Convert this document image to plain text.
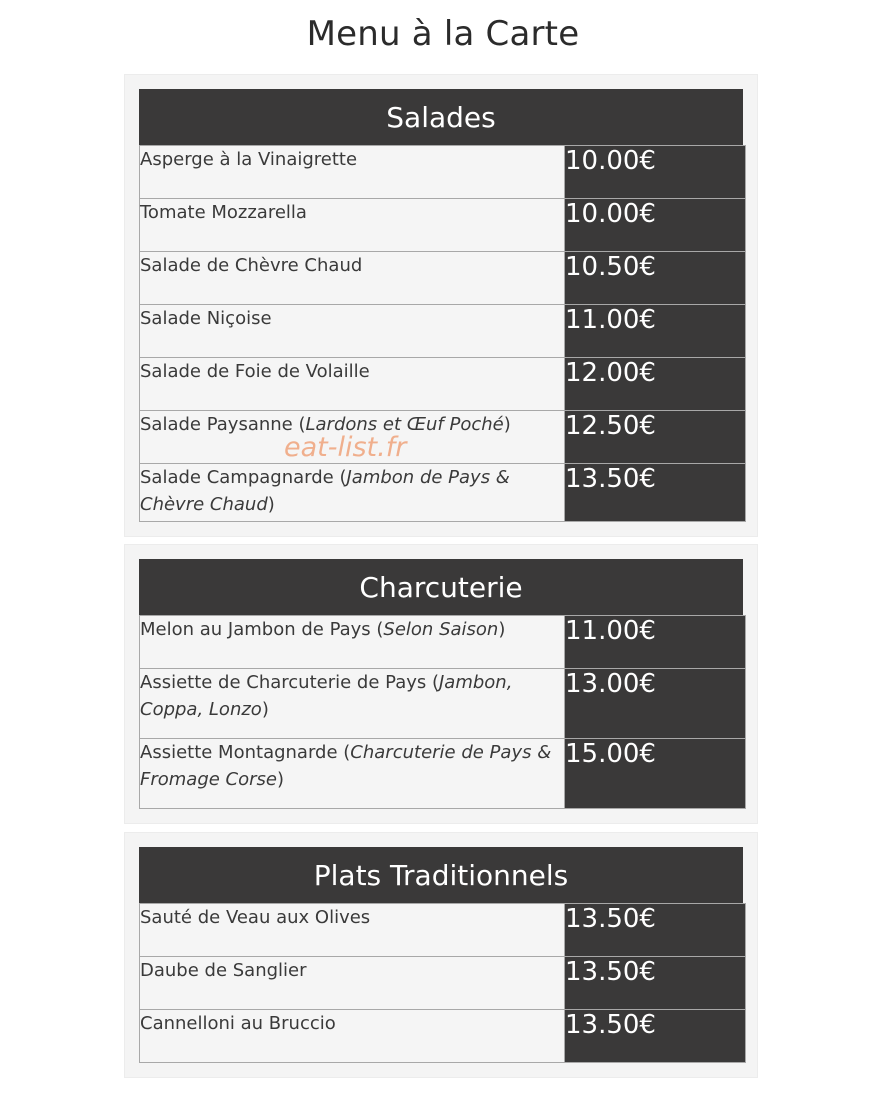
Menu à la Carte
Salades
Asperge à la Vinaigrette	10.00€
Tomate Mozzarella	10.00€
Salade de Chèvre Chaud	10.50€
Salade Niçoise	11.00€
Salade de Foie de Volaille	12.00€
Salade Paysanne (Lardons et Œuf Poché)	12.50€
Salade Campagnarde (Jambon de Pays & Chèvre Chaud)	13.50€
Charcuterie
Melon au Jambon de Pays (Selon Saison)	11.00€
Assiette de Charcuterie de Pays (Jambon, Coppa, Lonzo)	13.00€
Assiette Montagnarde (Charcuterie de Pays & Fromage Corse)	15.00€
Plats Traditionnels
Sauté de Veau aux Olives	13.50€
Daube de Sanglier	13.50€
Cannelloni au Bruccio	13.50€
eat-list.fr
